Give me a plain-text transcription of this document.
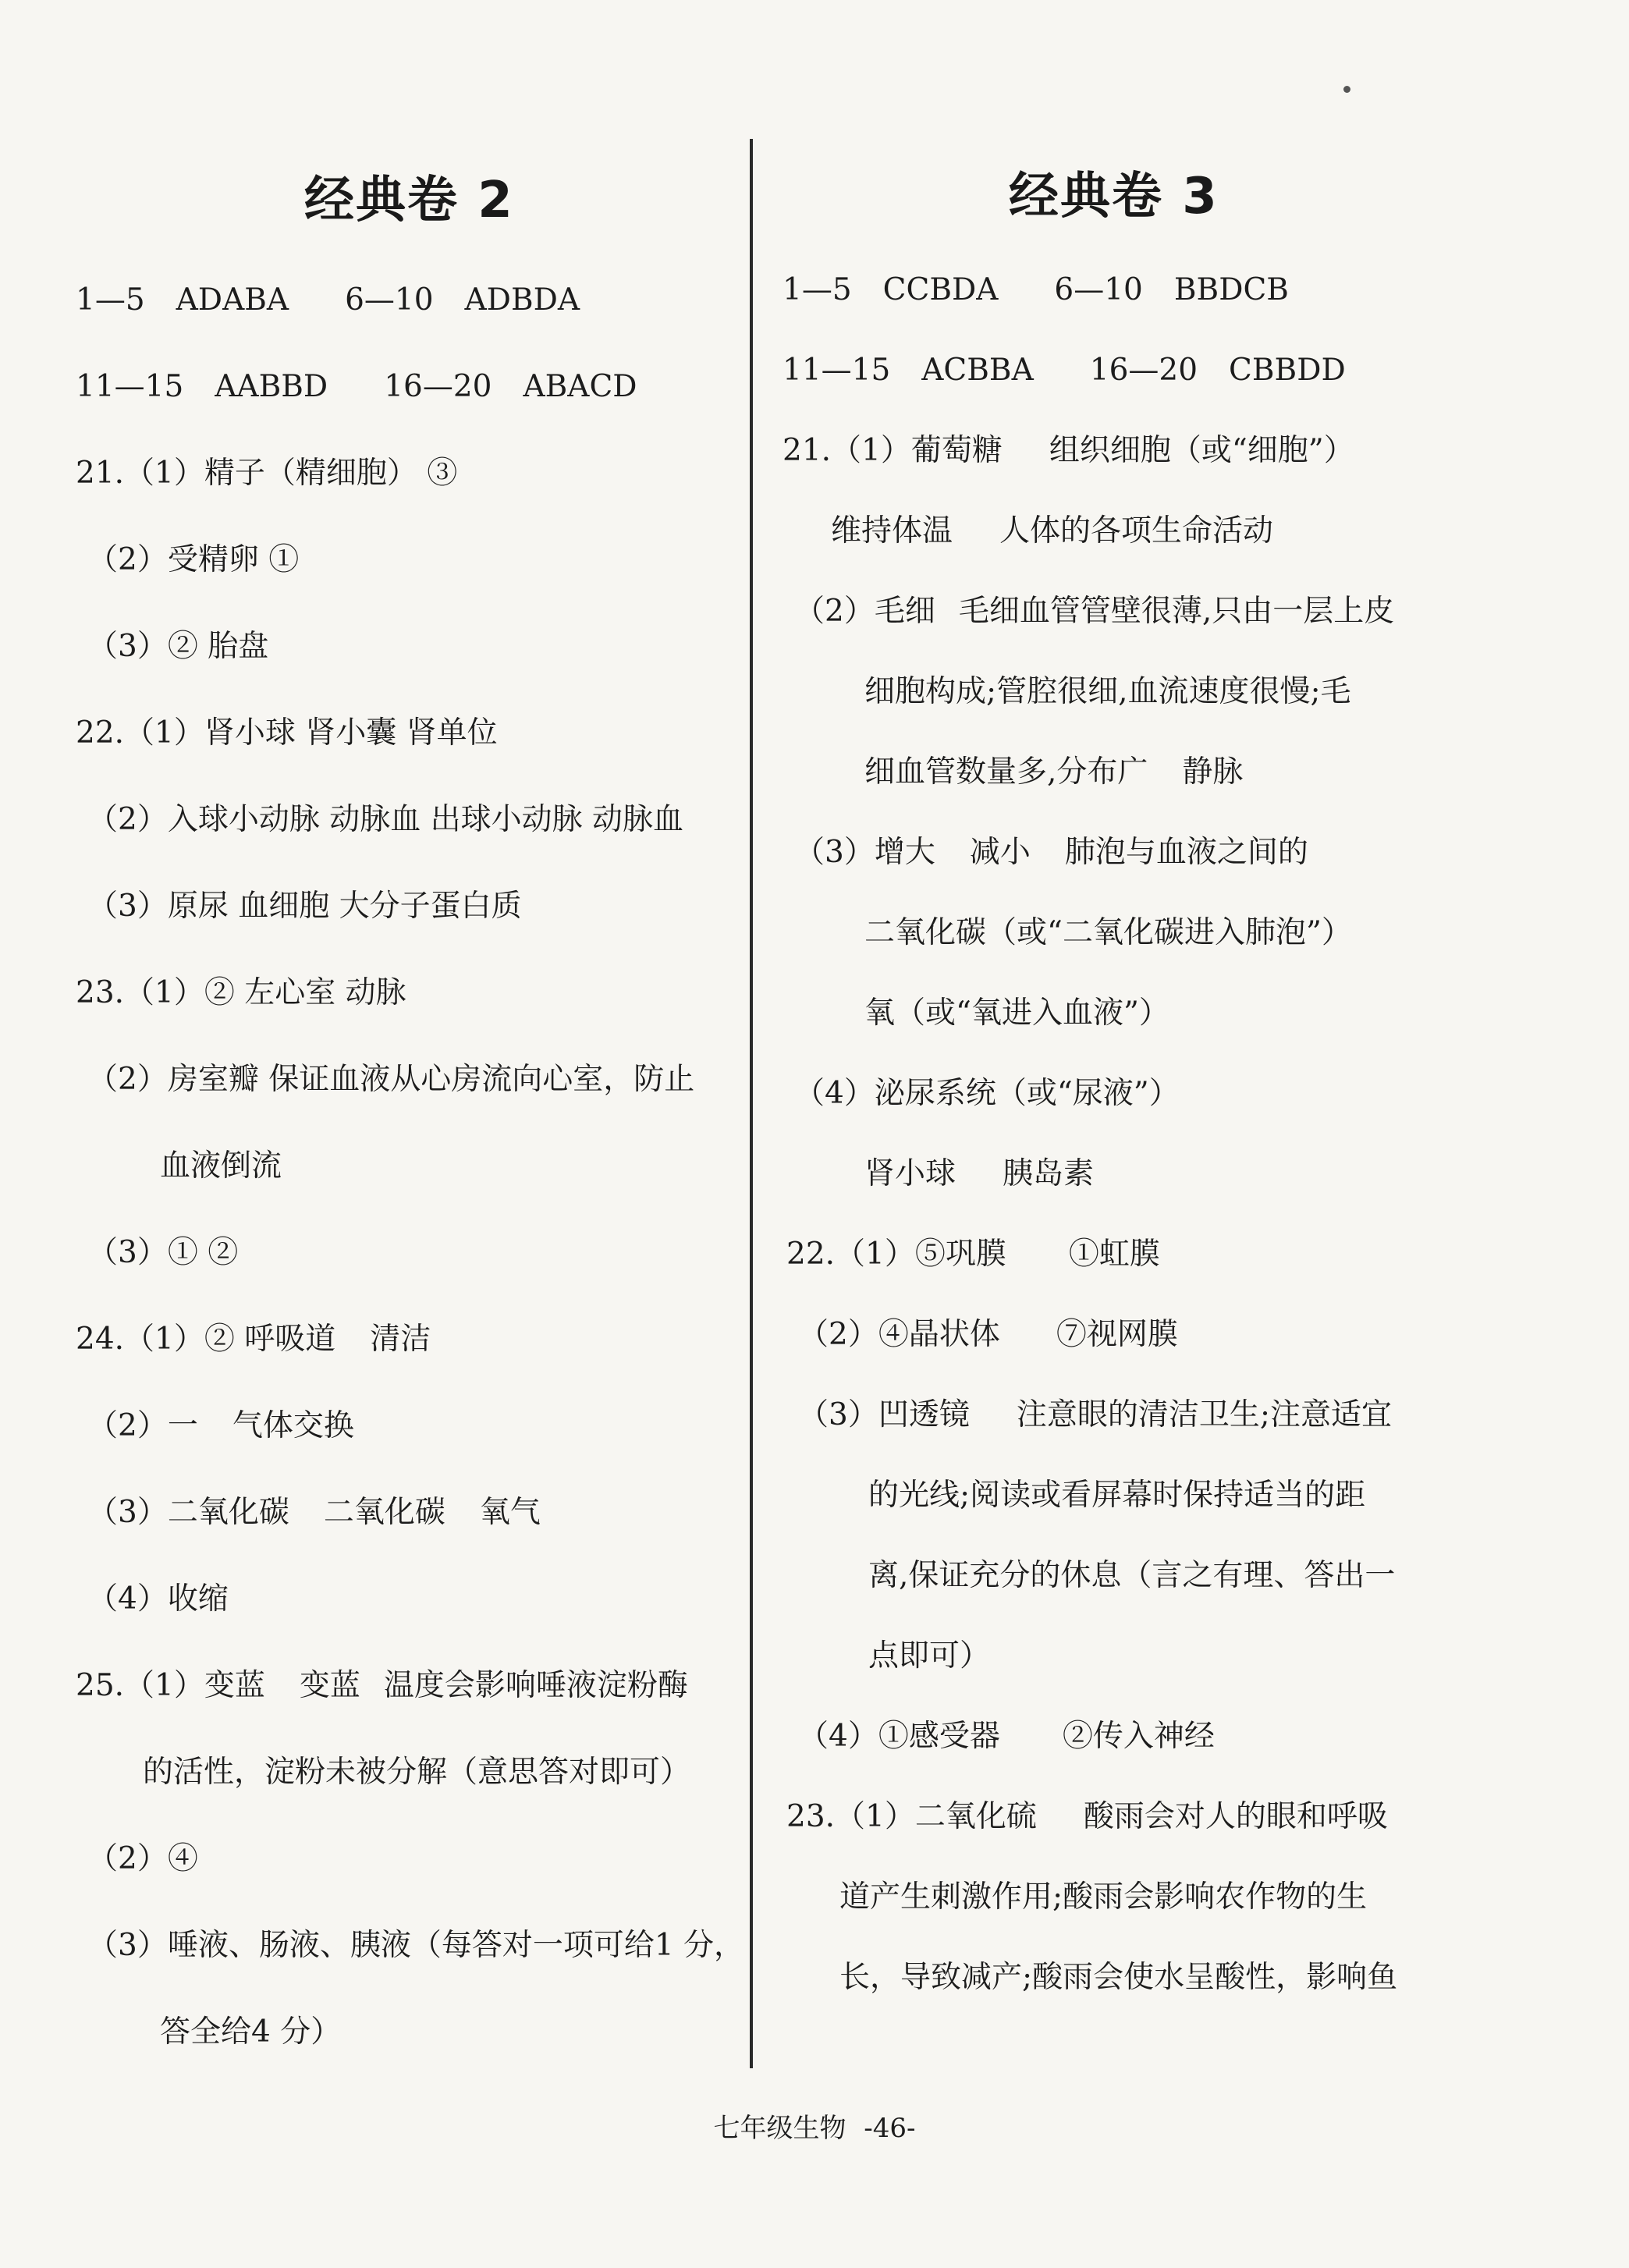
经典卷 2
1—5 ADABA 6—10 ADBDA
11—15 AABBD 16—20 ABACD
21.（1）精子（精细胞） ③
（2）受精卵 ①
（3）② 胎盘
22.（1）肾小球 肾小囊 肾单位
（2）入球小动脉 动脉血 出球小动脉 动脉血
（3）原尿 血细胞 大分子蛋白质
23.（1）② 左心室 动脉
（2）房室瓣 保证血液从心房流向心室，防止
血液倒流
（3）① ②
24.（1）② 呼吸道 清洁
（2）一 气体交换
（3）二氧化碳 二氧化碳 氧气
（4）收缩
25.（1）变蓝 变蓝 温度会影响唾液淀粉酶
的活性，淀粉未被分解（意思答对即可）
（2）④
（3）唾液、肠液、胰液（每答对一项可给1 分，
答全给4 分）
经典卷 3
1—5 CCBDA 6—10 BBDCB
11—15 ACBBA 16—20 CBBDD
21.（1）葡萄糖 组织细胞（或“细胞”）
维持体温 人体的各项生命活动
（2）毛细 毛细血管管壁很薄,只由一层上皮
细胞构成;管腔很细,血流速度很慢;毛
细血管数量多,分布广 静脉
（3）增大 减小 肺泡与血液之间的
二氧化碳（或“二氧化碳进入肺泡”）
氧（或“氧进入血液”）
（4）泌尿系统（或“尿液”）
肾小球 胰岛素
22.（1）⑤巩膜 ①虹膜
（2）④晶状体 ⑦视网膜
（3）凹透镜 注意眼的清洁卫生;注意适宜
的光线;阅读或看屏幕时保持适当的距
离,保证充分的休息（言之有理、答出一
点即可）
（4）①感受器 ②传入神经
23.（1）二氧化硫 酸雨会对人的眼和呼吸
道产生刺激作用;酸雨会影响农作物的生
长，导致减产;酸雨会使水呈酸性，影响鱼
七年级生物 -46-
